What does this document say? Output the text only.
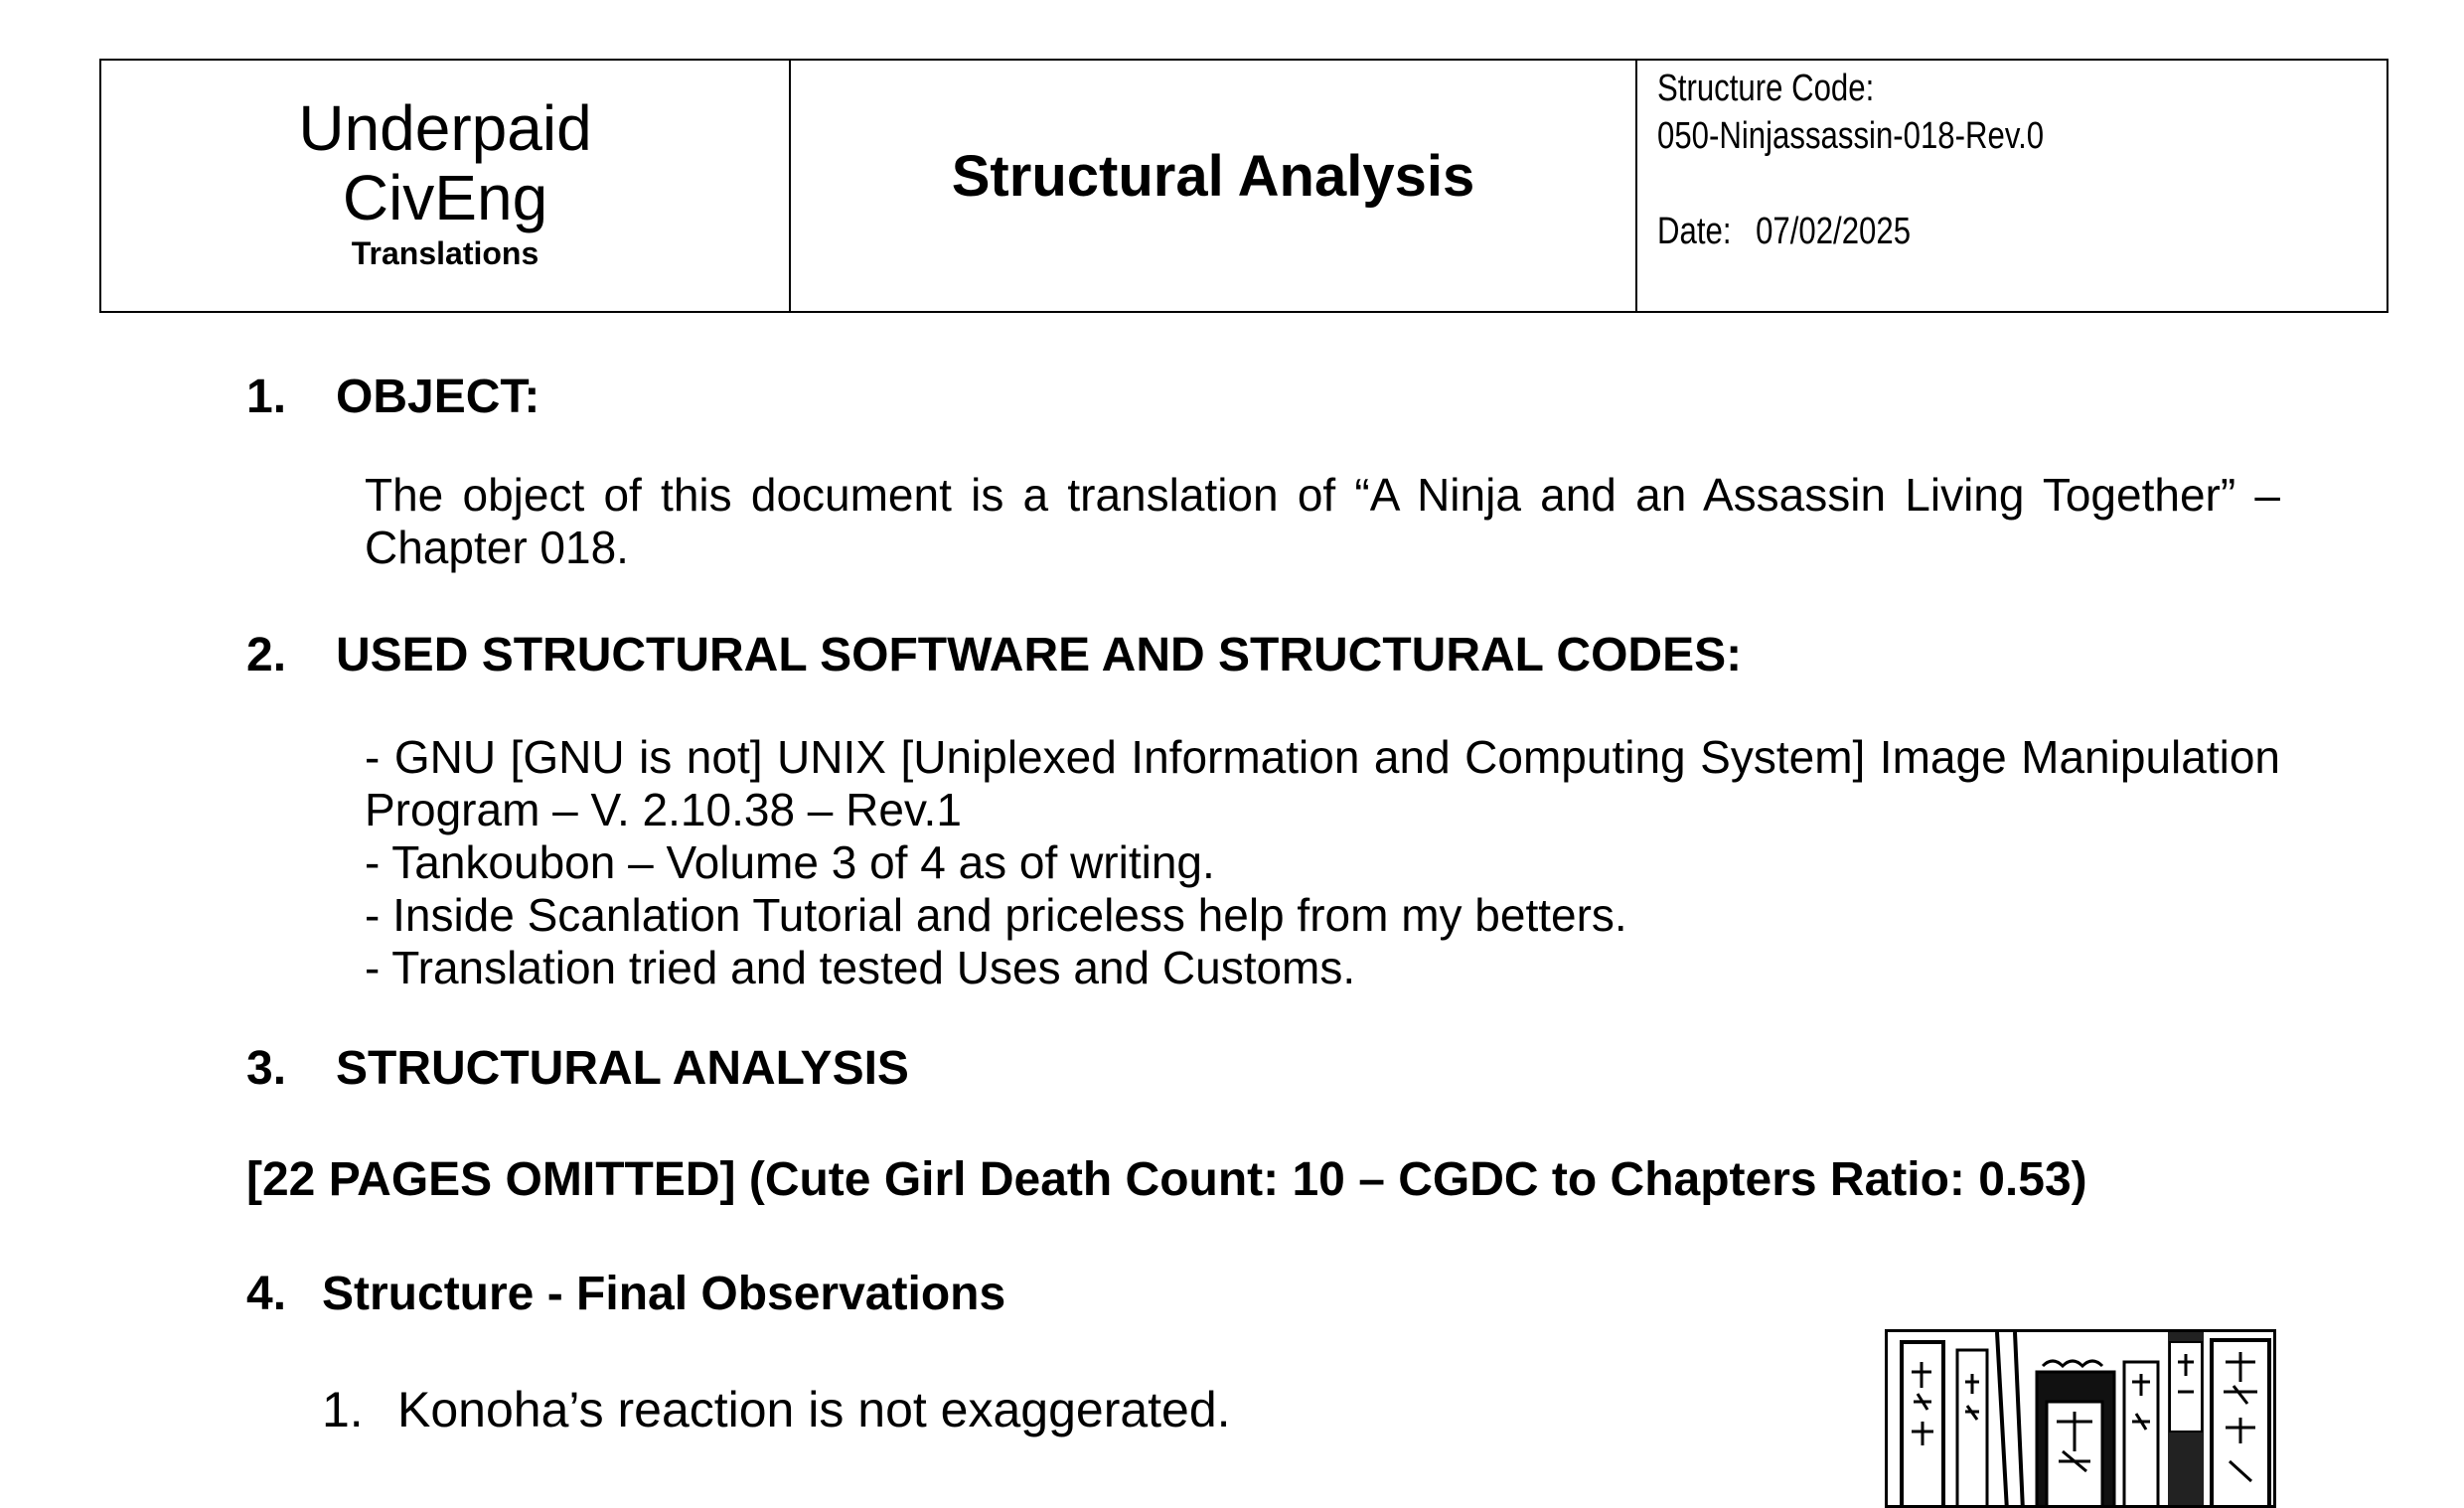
Underpaid
CivEng
Translations
Structural Analysis
Structure Code:
050-Ninjassassin-018-Rev.0
Date: 07/02/2025
1. OBJECT:
The object of this document is a translation of “A Ninja and an Assassin Living Together” – Chapter 018.
2. USED STRUCTURAL SOFTWARE AND STRUCTURAL CODES:
- GNU [GNU is not] UNIX [Uniplexed Information and Computing System] Image Manipulation Program – V. 2.10.38 – Rev.1
- Tankoubon – Volume 3 of 4 as of writing.
- Inside Scanlation Tutorial and priceless help from my betters.
- Translation tried and tested Uses and Customs.
3. STRUCTURAL ANALYSIS
[22 PAGES OMITTED] (Cute Girl Death Count: 10 – CGDC to Chapters Ratio: 0.53)
4. Structure - Final Observations
1. Konoha’s reaction is not exaggerated.
